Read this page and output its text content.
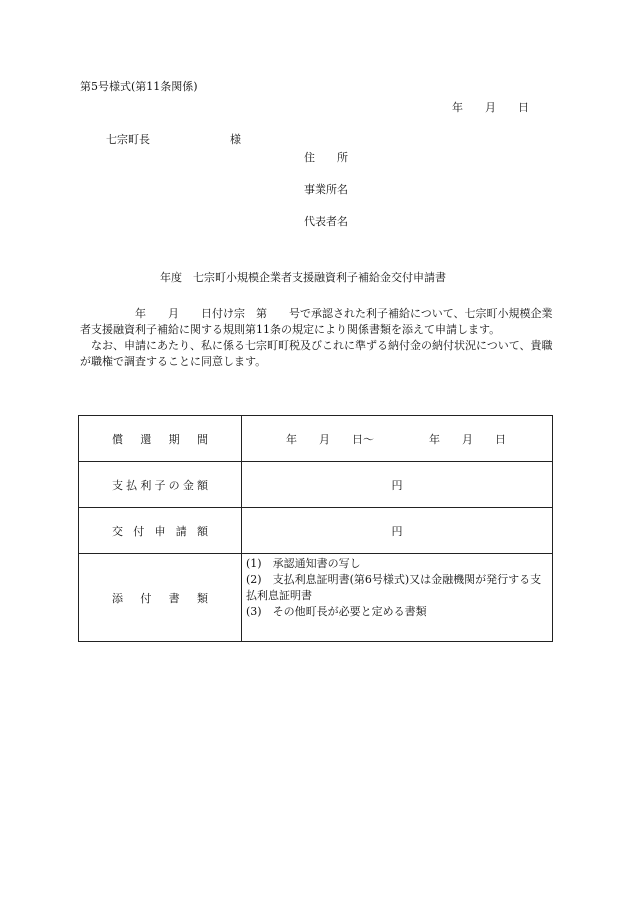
第5号様式(第11条関係)
年　　月　　日
七宗町長	様
住　　所
事業所名
代表者名
年度　七宗町小規模企業者支援融資利子補給金交付申請書

　　　　　年　　月　　日付け宗　第　　号で承認された利子補給について、七宗町小規模企業者支援融資利子補給に関する規則第11条の規定により関係書類を添えて申請します。

　なお、申請にあたり、私に係る七宗町町税及びこれに準ずる納付金の納付状況について、貴職が職権で調査することに同意します。

償還期間	年　　月　　日～　　　　　年　　月　　日
支払利子の金額	円
交付申請額	円
添付書類	(1)　承認通知書の写し
(2)　支払利息証明書(第6号様式)又は金融機関が発行する支払利息証明書
(3)　その他町長が必要と定める書類
